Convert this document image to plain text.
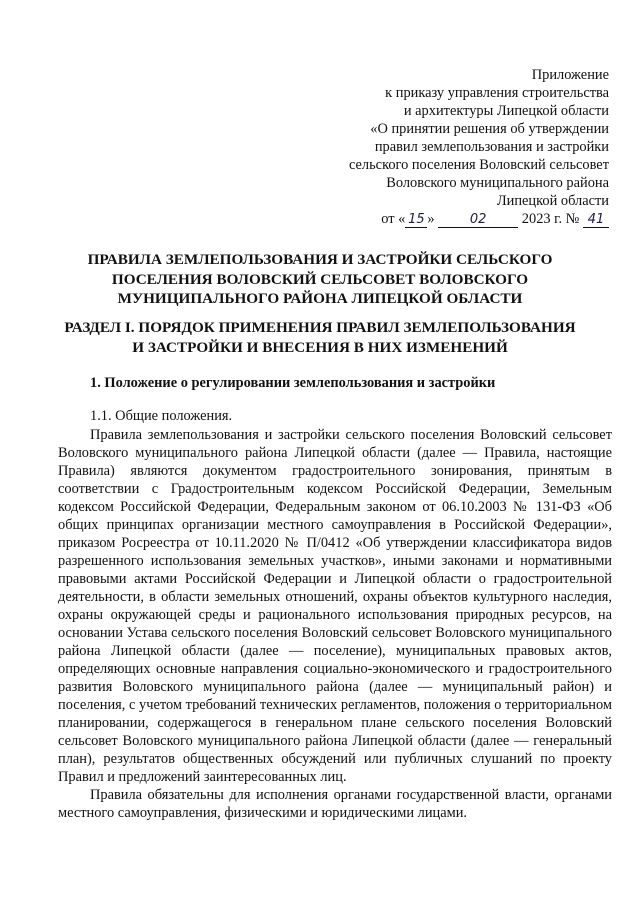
Приложение
к приказу управления строительства
и архитектуры Липецкой области
«О принятии решения об утверждении
правил землепользования и застройки
сельского поселения Воловский сельсовет
Воловского муниципального района
Липецкой области
от « 15 »	02 2023 г. № 41
ПРАВИЛА ЗЕМЛЕПОЛЬЗОВАНИЯ И ЗАСТРОЙКИ СЕЛЬСКОГО ПОСЕЛЕНИЯ ВОЛОВСКИЙ СЕЛЬСОВЕТ ВОЛОВСКОГО МУНИЦИПАЛЬНОГО РАЙОНА ЛИПЕЦКОЙ ОБЛАСТИ
РАЗДЕЛ I. ПОРЯДОК ПРИМЕНЕНИЯ ПРАВИЛ ЗЕМЛЕПОЛЬЗОВАНИЯ И ЗАСТРОЙКИ И ВНЕСЕНИЯ В НИХ ИЗМЕНЕНИЙ
1. Положение о регулировании землепользования и застройки
1.1. Общие положения.

Правила землепользования и застройки сельского поселения Воловский сельсовет Воловского муниципального района Липецкой области (далее — Правила, настоящие Правила) являются документом градостроительного зонирования, принятым в соответствии с Градостроительным кодексом Российской Федерации, Земельным кодексом Российской Федерации, Федеральным законом от 06.10.2003 № 131-ФЗ «Об общих принципах организации местного самоуправления в Российской Федерации», приказом Росреестра от 10.11.2020 № П/0412 «Об утверждении классификатора видов разрешенного использования земельных участков», иными законами и нормативными правовыми актами Российской Федерации и Липецкой области о градостроительной деятельности, в области земельных отношений, охраны объектов культурного наследия, охраны окружающей среды и рационального использования природных ресурсов, на основании Устава сельского поселения Воловский сельсовет Воловского муниципального района Липецкой области (далее — поселение), муниципальных правовых актов, определяющих основные направления социально-экономического и градостроительного развития Воловского муниципального района (далее — муниципальный район) и поселения, с учетом требований технических регламентов, положения о территориальном планировании, содержащегося в генеральном плане сельского поселения Воловский сельсовет Воловского муниципального района Липецкой области (далее — генеральный план), результатов общественных обсуждений или публичных слушаний по проекту Правил и предложений заинтересованных лиц.

Правила обязательны для исполнения органами государственной власти, органами местного самоуправления, физическими и юридическими лицами.
